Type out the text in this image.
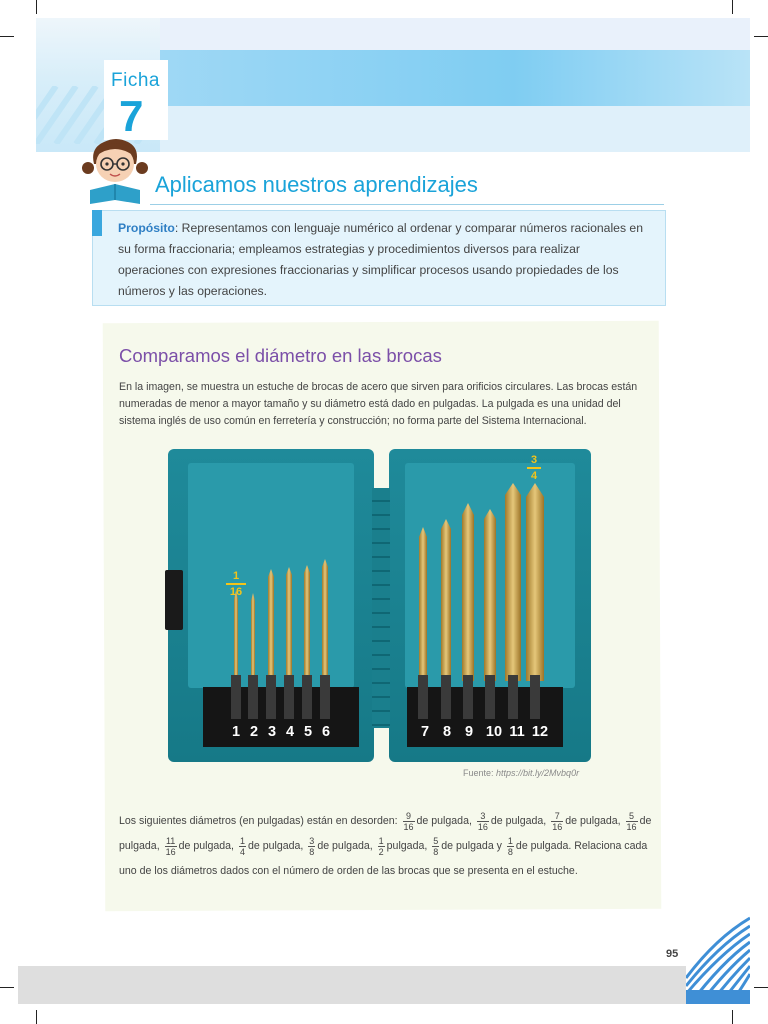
Ficha
7
Aplicamos nuestros aprendizajes
Propósito: Representamos con lenguaje numérico al ordenar y comparar números racionales en su forma fraccionaria; empleamos estrategias y procedimientos diversos para realizar operaciones con expresiones fraccionarias y simplificar procesos usando propiedades de los números y las operaciones.
Comparamos el diámetro en las brocas
En la imagen, se muestra un estuche de brocas de acero que sirven para orificios circulares. Las brocas están numeradas de menor a mayor tamaño y su diámetro está dado en pulgadas. La pulgada es una unidad del sistema inglés de uso común en ferretería y construcción; no forma parte del Sistema Internacional.
1 2 3 4 5 6	7 8 9 10 11 12
1
16
3
4
Fuente: https://bit.ly/2Mvbq0r
Los siguientes diámetros (en pulgadas) están en desorden: $\frac{9}{16}$ de pulgada, $\frac{3}{16}$ de pulgada, $\frac{7}{16}$ de pulgada, $\frac{5}{16}$ de pulgada, $\frac{11}{16}$ de pulgada, $\frac{1}{4}$ de pulgada, $\frac{3}{8}$ de pulgada, $\frac{1}{2}$ pulgada, $\frac{5}{8}$ de pulgada y $\frac{1}{8}$ de pulgada. Relaciona cada uno de los diámetros dados con el número de orden de las brocas que se presenta en el estuche.
95
